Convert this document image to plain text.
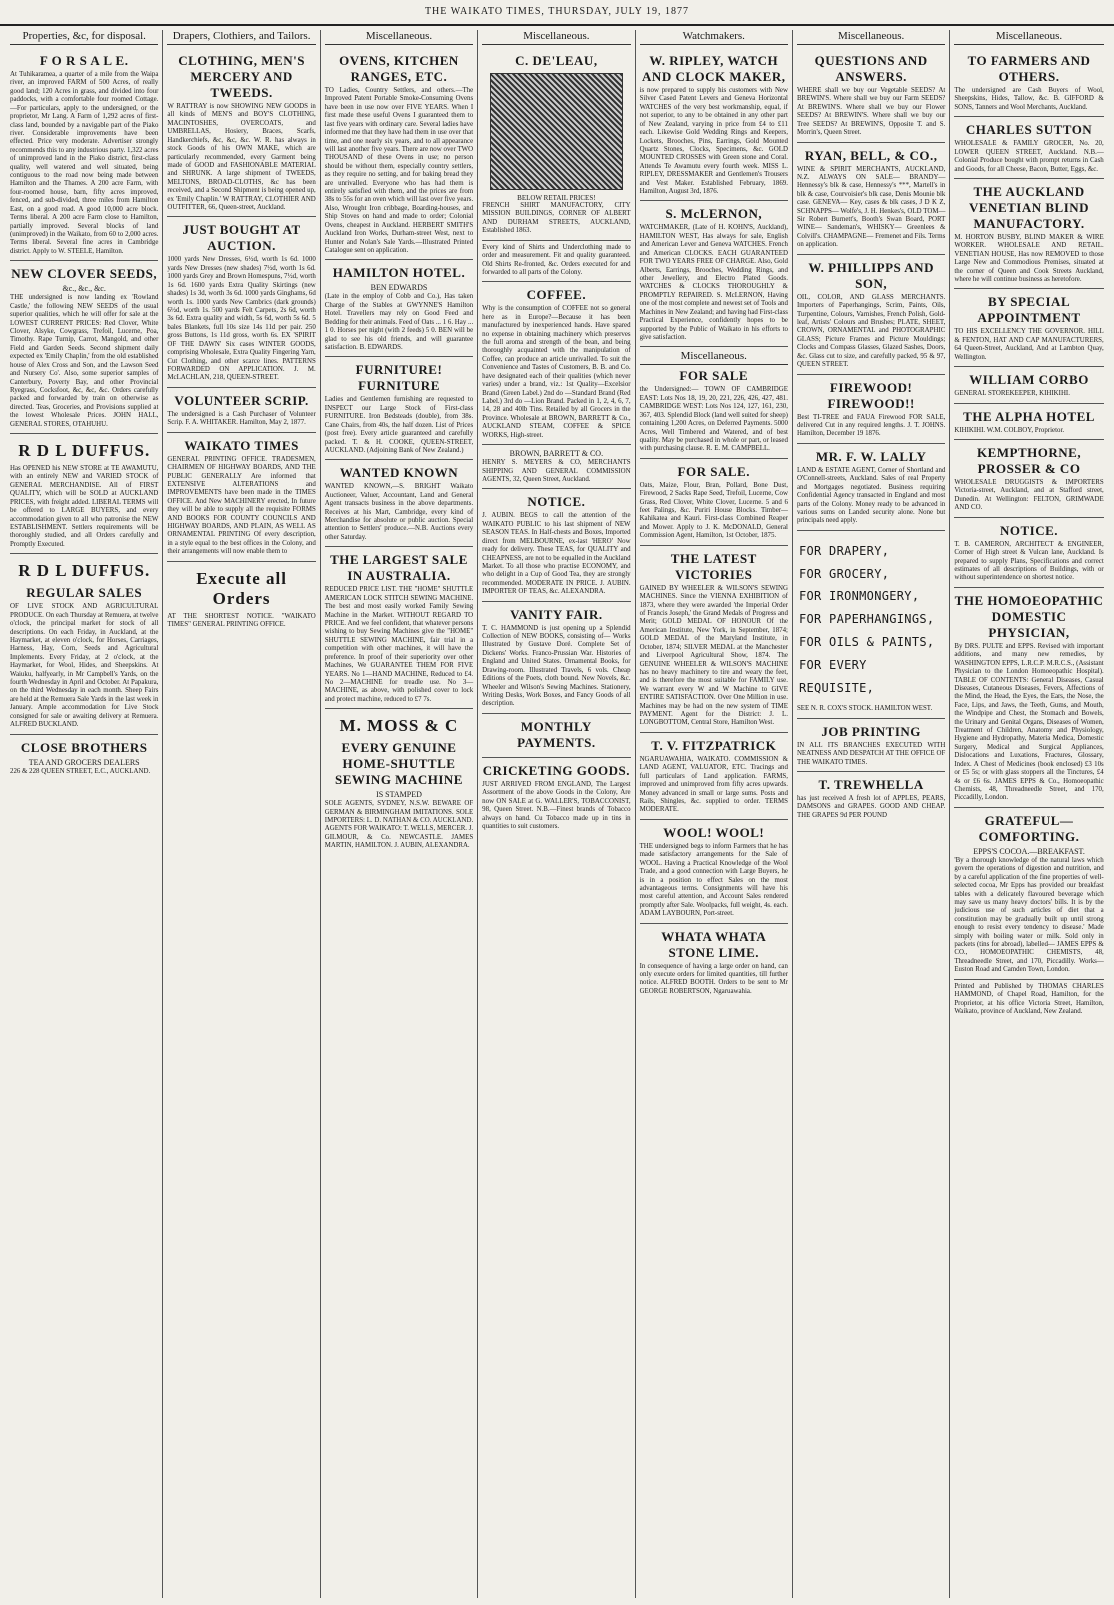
THE WAIKATO TIMES, THURSDAY, JULY 19, 1877
Properties, &c, for disposal.
F O R S A L E.
At Tuhikaramea, a quarter of a mile from the Waipa river, an improved FARM of 500 Acres, of really good land; 120 Acres in grass, and divided into four paddocks, with a comfortable four roomed Cottage.—For particulars, apply to the undersigned, or the proprietor, Mr Lang. A Farm of 1,292 acres of first-class land, bounded by a navigable part of the Piako river. Considerable improvements have been effected. Price very moderate. Advertiser strongly recommends this to any industrious party. 1,322 acres of unimproved land in the Piako district, first-class quality, well watered and well situated, being contiguous to the road now being made between Hamilton and the Thames. A 200 acre Farm, with four-roomed house, barn, fifty acres improved, fenced, and sub-divided, three miles from Hamilton East, on a good road. A good 10,000 acre block. Terms liberal. A 200 acre Farm close to Hamilton, partially improved. Several blocks of land (unimproved) in the Waikato, from 60 to 2,000 acres. Terms liberal. Several fine acres in Cambridge district. Apply to W. STEELE, Hamilton.
NEW CLOVER SEEDS,
&c., &c., &c.
THE undersigned is now landing ex 'Rowland Castle,' the following NEW SEEDS of the usual superior qualities, which he will offer for sale at the LOWEST CURRENT PRICES: Red Clover, White Clover, Alsyke, Cowgrass, Trefoil, Lucerne, Poa, Timothy. Rape Turnip, Carrot, Mangold, and other Field and Garden Seeds. Second shipment daily expected ex 'Emily Chaplin,' from the old established house of Alex Cross and Son, and the Lawson Seed and Nursery Co'. Also, some superior samples of Canterbury, Poverty Bay, and other Provincial Ryegrass, Cocksfoot, &c, &c, &c. Orders carefully packed and forwarded by train on otherwise as directed. Teas, Groceries, and Provisions supplied at the lowest Wholesale Prices. JOHN HALL, GENERAL STORES, OTAHUHU.
R D L DUFFUS.
Has OPENED his NEW STORE at TE AWAMUTU, with an entirely NEW and VARIED STOCK of GENERAL MERCHANDISE. All of FIRST QUALITY, which will be SOLD at AUCKLAND PRICES, with freight added. LIBERAL TERMS will be offered to LARGE BUYERS, and every accommodation given to all who patronise the NEW ESTABLISHMENT. Settlers requirements will be thoroughly studied, and all Orders carefully and Promptly Executed.
R D L DUFFUS.
REGULAR SALES
OF LIVE STOCK AND AGRICULTURAL PRODUCE. On each Thursday at Remuera, at twelve o'clock, the principal market for stock of all descriptions. On each Friday, in Auckland, at the Haymarket, at eleven o'clock, for Horses, Carriages, Harness, Hay, Corn, Seeds and Agricultural Implements. Every Friday, at 2 o'clock, at the Haymarket, for Wool, Hides, and Sheepskins. At Waiuku, halfyearly, in Mr Campbell's Yards, on the fourth Wednesday in April and October. At Papakura, on the third Wednesday in each month. Sheep Fairs are held at the Remuera Sale Yards in the last week in January. Ample accommodation for Live Stock consigned for sale or awaiting delivery at Remuera. ALFRED BUCKLAND.
CLOSE BROTHERS
TEA AND GROCERS DEALERS
226 & 228 QUEEN STREET, E.C., AUCKLAND.
Drapers, Clothiers, and Tailors.
CLOTHING, MEN'S MERCERY AND TWEEDS.
W RATTRAY is now SHOWING NEW GOODS in all kinds of MEN'S and BOY'S CLOTHING, MACINTOSHES, OVERCOATS, and UMBRELLAS, Hosiery, Braces, Scarfs, Handkerchiefs, &c, &c, &c. W. R. has always in stock Goods of his OWN MAKE, which are particularly recommended, every Garment being made of GOOD and FASHIONABLE MATERIAL and SHRUNK. A large shipment of TWEEDS, MELTONS, BROAD-CLOTHS, &c has been received, and a Second Shipment is being opened up, ex 'Emily Chaplin.' W RATTRAY, CLOTHIER AND OUTFITTER, 66, Queen-street, Auckland.
JUST BOUGHT AT AUCTION.
1000 yards New Dresses, 6½d, worth 1s 6d. 1000 yards New Dresses (new shades) 7½d, worth 1s 6d. 1000 yards Grey and Brown Homespuns, 7½d, worth 1s 6d. 1600 yards Extra Quality Skirtings (new shades) 1s 3d, worth 3s 6d. 1000 yards Ginghams, 6d worth 1s. 1000 yards New Cambrics (dark grounds) 6½d, worth 1s. 500 yards Felt Carpets, 2s 6d, worth 3s 6d. Extra quality and width, 5s 6d, worth 5s 6d. 5 bales Blankets, full 10s size 14s 11d per pair. 250 gross Buttons, 1s 11d gross, worth 6s. EX 'SPIRIT OF THE DAWN' Six cases WINTER GOODS, comprising Wholesale, Extra Quality Fingering Yarn, Cut Clothing, and other scarce lines. PATTERNS FORWARDED ON APPLICATION. J. M. McLACHLAN, 218, QUEEN-STREET.
VOLUNTEER SCRIP.
The undersigned is a Cash Purchaser of Volunteer Scrip. F. A. WHITAKER. Hamilton, May 2, 1877.
WAIKATO TIMES
GENERAL PRINTING OFFICE. TRADESMEN, CHAIRMEN OF HIGHWAY BOARDS, AND THE PUBLIC GENERALLY Are informed that EXTENSIVE ALTERATIONS and IMPROVEMENTS have been made in the TIMES OFFICE. And New MACHINERY erected, In future they will be able to supply all the requisite FORMS AND BOOKS FOR COUNTY COUNCILS AND HIGHWAY BOARDS, AND PLAIN, AS WELL AS ORNAMENTAL PRINTING Of every description, in a style equal to the best offices in the Colony, and their arrangements will now enable them to
Execute all Orders
AT THE SHORTEST NOTICE. "WAIKATO TIMES" GENERAL PRINTING OFFICE.
Miscellaneous.
OVENS, KITCHEN RANGES, ETC.
TO Ladies, Country Settlers, and others.—The Improved Patent Portable Smoke-Consuming Ovens have been in use now over FIVE YEARS. When I first made these useful Ovens I guaranteed them to last five years with ordinary care. Several ladies have informed me that they have had them in use over that time, and one nearly six years, and to all appearance will last another five years. There are now over TWO THOUSAND of these Ovens in use; no person should be without them, especially country settlers, as they require no setting, and for baking bread they are unrivalled. Everyone who has had them is entirely satisfied with them, and the prices are from 38s to 55s for an oven which will last over five years. Also, Wrought Iron cribbage, Boarding-houses, and Ship Stoves on hand and made to order; Colonial Ovens, cheapest in Auckland. HERBERT SMITH'S Auckland Iron Works, Durham-street West, next to Hunter and Nolan's Sale Yards.—Illustrated Printed Catalogue sent on application.
HAMILTON HOTEL.
BEN EDWARDS
(Late in the employ of Cobb and Co.), Has taken Charge of the Stables at GWYNNE'S Hamilton Hotel. Travellers may rely on Good Feed and Bedding for their animals. Feed of Oats ... 1 6. Hay ... 1 0. Horses per night (with 2 feeds) 5 0. BEN will be glad to see his old friends, and will guarantee satisfaction. B. EDWARDS.
FURNITURE! FURNITURE
Ladies and Gentlemen furnishing are requested to INSPECT our Large Stock of First-class FURNITURE. Iron Bedsteads (double), from 38s. Cane Chairs, from 40s, the half dozen. List of Prices (post free). Every article guaranteed and carefully packed. T. & H. COOKE, QUEEN-STREET, AUCKLAND. (Adjoining Bank of New Zealand.)
WANTED KNOWN
WANTED KNOWN,—S. BRIGHT Waikato Auctioneer, Valuer, Accountant, Land and General Agent transacts business in the above departments. Receives at his Mart, Cambridge, every kind of Merchandise for absolute or public auction. Special attention to Settlers' produce.—N.B. Auctions every other Saturday.
THE LARGEST SALE IN AUSTRALIA.
REDUCED PRICE LIST. THE "HOME" SHUTTLE AMERICAN LOCK STITCH SEWING MACHINE. The best and most easily worked Family Sewing Machine in the Market. WITHOUT REGARD TO PRICE. And we feel confident, that whatever persons wishing to buy Sewing Machines give the "HOME" SHUTTLE SEWING MACHINE, fair trial in a competition with other machines, it will have the preference. In proof of their superiority over other Machines, We GUARANTEE THEM FOR FIVE YEARS. No 1—HAND MACHINE, Reduced to £4. No 2—MACHINE for treadle use. No 3—MACHINE, as above, with polished cover to lock and protect machine, reduced to £7 7s.
M. MOSS & C
EVERY GENUINE HOME-SHUTTLE SEWING MACHINE
IS STAMPED
SOLE AGENTS, SYDNEY, N.S.W. BEWARE OF GERMAN & BIRMINGHAM IMITATIONS. SOLE IMPORTERS: L. D. NATHAN & CO. AUCKLAND. AGENTS FOR WAIKATO: T. WELLS, MERCER. J. GILMOUR, & Co. NEWCASTLE. JAMES MARTIN, HAMILTON. J. AUBIN, ALEXANDRA.
Miscellaneous.
C. DE'LEAU,
BELOW RETAIL PRICES!
FRENCH SHIRT MANUFACTORY, CITY MISSION BUILDINGS, CORNER OF ALBERT AND DURHAM STREETS, AUCKLAND, Established 1863.
Every kind of Shirts and Underclothing made to order and measurement. Fit and quality guaranteed. Old Shirts Re-fronted, &c. Orders executed for and forwarded to all parts of the Colony.
COFFEE.
Why is the consumption of COFFEE not so general here as in Europe?—Because it has been manufactured by inexperienced hands. Have spared no expense in obtaining machinery which preserves the full aroma and strength of the bean, and being thoroughly acquainted with the manipulation of Coffee, can produce an article unrivalled. To suit the Convenience and Tastes of Customers, B. B. and Co. have designated each of their qualities (which never varies) under a brand, viz.: 1st Quality—Excelsior Brand (Green Label.) 2nd do —Standard Brand (Red Label.) 3rd do —Lion Brand. Packed in 1, 2, 4, 6, 7, 14, 28 and 40lb Tins. Retailed by all Grocers in the Province. Wholesale at BROWN, BARRETT & Co., AUCKLAND STEAM, COFFEE & SPICE WORKS, High-street.
BROWN, BARRETT & CO.
HENRY S. MEYERS & CO, MERCHANTS SHIPPING AND GENERAL COMMISSION AGENTS, 32, Queen Street, Auckland.
NOTICE.
J. AUBIN. BEGS to call the attention of the WAIKATO PUBLIC to his last shipment of NEW SEASON TEAS. In Half-chests and Boxes, Imported direct from MELBOURNE, ex-last 'HERO' Now ready for delivery. These TEAS, for QUALITY and CHEAPNESS, are not to be equalled in the Auckland Market. To all those who practise ECONOMY, and who delight in a Cup of Good Tea, they are strongly recommended. MODERATE IN PRICE. J. AUBIN. IMPORTER OF TEAS, &c. ALEXANDRA.
VANITY FAIR.
T. C. HAMMOND is just opening up a Splendid Collection of NEW BOOKS, consisting of— Works Illustrated by Gustave Doré. Complete Set of Dickens' Works. Franco-Prussian War. Histories of England and United States. Ornamental Books, for Drawing-room. Illustrated Travels, 6 vols. Cheap Editions of the Poets, cloth bound. New Novels, &c. Wheeler and Wilson's Sewing Machines. Stationery, Writing Desks, Work Boxes, and Fancy Goods of all description.
MONTHLY PAYMENTS.
CRICKETING GOODS.
JUST ARRIVED FROM ENGLAND, The Largest Assortment of the above Goods in the Colony, Are now ON SALE at G. WALLER'S, TOBACCONIST, 98, Queen Street. N.B.—Finest brands of Tobacco always on hand. Cu Tobacco made up in tins in quantities to suit customers.
Watchmakers.
W. RIPLEY, WATCH AND CLOCK MAKER,
is now prepared to supply his customers with New Silver Cased Patent Levers and Geneva Horizontal WATCHES of the very best workmanship, equal, if not superior, to any to be obtained in any other part of New Zealand, varying in price from £4 to £11 each. Likewise Gold Wedding Rings and Keepers, Lockets, Brooches, Pins, Earrings, Gold Mounted Quartz Stones, Clocks, Specimens, &c. GOLD MOUNTED CROSSES with Green stone and Coral. Attends Te Awamutu every fourth week. MISS L. RIPLEY, DRESSMAKER and Gentlemen's Trousers and Vest Maker. Established February, 1869. Hamilton, August 3rd, 1876.
S. McLERNON,
WATCHMAKER, (Late of H. KOHN'S, Auckland), HAMILTON WEST, Has always for sale, English and American Lever and Geneva WATCHES. French and American CLOCKS. EACH GUARANTEED FOR TWO YEARS FREE OF CHARGE. Also, Gold Alberts, Earrings, Brooches, Wedding Rings, and other Jewellery, and Electro Plated Goods. WATCHES & CLOCKS THOROUGHLY & PROMPTLY REPAIRED. S. McLERNON, Having one of the most complete and newest set of Tools and Machines in New Zealand; and having had First-class Practical Experience, confidently hopes to be supported by the Public of Waikato in his efforts to give satisfaction.
Miscellaneous.
FOR SALE
the Undersigned:— TOWN OF CAMBRIDGE EAST: Lots Nos 18, 19, 20, 221, 226, 426, 427, 481. CAMBRIDGE WEST: Lots Nos 124, 127, 161, 230, 367, 403. Splendid Block (land well suited for sheep) containing 1,200 Acres, on Deferred Payments. 5000 Acres, Well Timbered and Watered, and of best quality. May be purchased in whole or part, or leased with purchasing clause. R. E. M. CAMPBELL.
FOR SALE.
Oats, Maize, Flour, Bran, Pollard, Bone Dust, Firewood, 2 Sacks Rape Seed, Trefoil, Lucerne, Cow Grass, Red Clover, White Clover, Lucerne. 5 and 6 feet Palings, &c. Puriri House Blocks. Timber—Kahikatea and Kauri. First-class Combined Reaper and Mower. Apply to J. K. McDONALD, General Commission Agent, Hamilton, 1st October, 1875.
THE LATEST VICTORIES
GAINED BY WHEELER & WILSON'S SEWING MACHINES. Since the VIENNA EXHIBITION of 1873, where they were awarded 'the Imperial Order of Francis Joseph,' the Grand Medals of Progress and Merit; GOLD MEDAL OF HONOUR Of the American Institute, New York, in September, 1874; GOLD MEDAL of the Maryland Institute, in October, 1874; SILVER MEDAL at the Manchester and Liverpool Agricultural Show, 1874. The GENUINE WHEELER & WILSON'S MACHINE has no heavy machinery to tire and weary the feet, and is therefore the most suitable for FAMILY use. We warrant every W and W Machine to GIVE ENTIRE SATISFACTION. Over One Million in use. Machines may be had on the new system of TIME PAYMENT. Agent for the District: J. L. LONGBOTTOM, Central Store, Hamilton West.
T. V. FITZPATRICK
NGARUAWAHIA, WAIKATO. COMMISSION & LAND AGENT, VALUATOR, ETC. Tracings and full particulars of Land application. FARMS, improved and unimproved from fifty acres upwards. Money advanced in small or large sums. Posts and Rails, Shingles, &c. supplied to order. TERMS MODERATE.
WOOL! WOOL!
THE undersigned begs to inform Farmers that he has made satisfactory arrangements for the Sale of WOOL. Having a Practical Knowledge of the Wool Trade, and a good connection with Large Buyers, he is in a position to effect Sales on the most advantageous terms. Consignments will have his most careful attention, and Account Sales rendered promptly after Sale. Woolpacks, full weight, 4s. each. ADAM LAYBOURN, Port-street.
WHATA WHATA STONE LIME.
In consequence of having a large order on hand, can only execute orders for limited quantities, till further notice. ALFRED BOOTH. Orders to be sent to Mr GEORGE ROBERTSON, Ngaruawahia.
Miscellaneous.
QUESTIONS AND ANSWERS.
WHERE shall we buy our Vegetable SEEDS? At BREWIN'S. Where shall we buy our Farm SEEDS? At BREWIN'S. Where shall we buy our Flower SEEDS? At BREWIN'S. Where shall we buy our Tree SEEDS? At BREWIN'S, Opposite T. and S. Morrin's, Queen Street.
RYAN, BELL, & CO.,
WINE & SPIRIT MERCHANTS, AUCKLAND, N.Z. ALWAYS ON SALE— BRANDY— Hennessy's blk & case, Hennessy's ***, Martell's in blk & case, Courvoisier's blk case, Denis Mounie blk case. GENEVA— Key, cases & blk cases, J D K Z, SCHNAPPS— Wolfe's, J. H. Henkes's, OLD TOM— Sir Robert Burnett's, Booth's Swan Board, PORT WINE— Sandeman's, WHISKY— Greenlees & Colvill's. CHAMPAGNE— Fremenet and Fils. Terms on application.
W. PHILLIPPS AND SON,
OIL, COLOR, AND GLASS MERCHANTS. Importers of Paperhangings, Scrim, Paints, Oils, Turpentine, Colours, Varnishes, French Polish, Gold-leaf, Artists' Colours and Brushes; PLATE, SHEET, CROWN, ORNAMENTAL and PHOTOGRAPHIC GLASS; Picture Frames and Picture Mouldings; Clocks and Compass Glasses, Glazed Sashes, Doors, &c. Glass cut to size, and carefully packed, 95 & 97, QUEEN STREET.
FIREWOOD! FIREWOOD!!
Best TI-TREE and FAUA Firewood FOR SALE, delivered Cut in any required lengths. J. T. JOHNS. Hamilton, December 19 1876.
MR. F. W. LALLY
LAND & ESTATE AGENT, Corner of Shortland and O'Connell-streets, Auckland. Sales of real Property and Mortgages negotiated. Business requiring Confidential Agency transacted in England and most parts of the Colony. Money ready to be advanced in various sums on Landed security alone. None but principals need apply.
FOR DRAPERY,
FOR GROCERY,
FOR IRONMONGERY,
FOR PAPERHANGINGS,
FOR OILS & PAINTS,
FOR EVERY REQUISITE,
SEE N. R. COX'S STOCK. HAMILTON WEST.
JOB PRINTING
IN ALL ITS BRANCHES EXECUTED WITH NEATNESS AND DESPATCH AT THE OFFICE OF THE WAIKATO TIMES.
T. TREWHELLA
has just received A fresh lot of APPLES, PEARS, DAMSONS and GRAPES. GOOD AND CHEAP. THE GRAPES 9d PER POUND
Miscellaneous.
TO FARMERS AND OTHERS.
The undersigned are Cash Buyers of Wool, Sheepskins, Hides, Tallow, &c. B. GIFFORD & SONS, Tanners and Wool Merchants, Auckland.
CHARLES SUTTON
WHOLESALE & FAMILY GROCER, No. 20, LOWER QUEEN STREET, Auckland. N.B.—Colonial Produce bought with prompt returns in Cash and Goods, for all Cheese, Bacon, Butter, Eggs, &c.
THE AUCKLAND VENETIAN BLIND MANUFACTORY.
M. HORTON BUSBY, BLIND MAKER & WIRE WORKER. WHOLESALE AND RETAIL. VENETIAN HOUSE, Has now REMOVED to those Large New and Commodious Premises, situated at the corner of Queen and Cook Streets Auckland, where he will continue business as heretofore.
BY SPECIAL APPOINTMENT
TO HIS EXCELLENCY THE GOVERNOR. HILL & FENTON, HAT AND CAP MANUFACTURERS, 64 Queen-Street, Auckland, And at Lambton Quay, Wellington.
WILLIAM CORBO
GENERAL STOREKEEPER, KIHIKIHI.
THE ALPHA HOTEL
KIHIKIHI. W.M. COLBOY, Proprietor.
KEMPTHORNE, PROSSER & CO
WHOLESALE DRUGGISTS & IMPORTERS Victoria-street, Auckland, and at Stafford street, Dunedin. At Wellington: FELTON, GRIMWADE AND CO.
NOTICE.
T. B. CAMERON, ARCHITECT & ENGINEER, Corner of High street & Vulcan lane, Auckland. Is prepared to supply Plans, Specifications and correct estimates of all descriptions of Buildings, with or without superintendence on shortest notice.
THE HOMOEOPATHIC DOMESTIC PHYSICIAN,
By DRS. PULTE and EPPS. Revised with important additions, and many new remedies, by WASHINGTON EPPS, L.R.C.P. M.R.C.S., (Assistant Physician to the London Homoeopathic Hospital). TABLE OF CONTENTS: General Diseases, Casual Diseases, Cutaneous Diseases, Fevers, Affections of the Mind, the Head, the Eyes, the Ears, the Nose, the Face, Lips, and Jaws, the Teeth, Gums, and Mouth, the Windpipe and Chest, the Stomach and Bowels, the Urinary and Genital Organs, Diseases of Women, Treatment of Children, Anatomy and Physiology, Hygiene and Hydropathy, Materia Medica, Domestic Surgery, Medical and Surgical Appliances, Dislocations and Luxations, Fractures, Glossary, Index. A Chest of Medicines (book enclosed) £3 10s or £5 5s; or with glass stoppers all the Tinctures, £4 4s or £6 6s. JAMES EPPS & Co., Homoeopathic Chemists, 48, Threadneedle Street, and 170, Piccadilly, London.
GRATEFUL—COMFORTING.
EPPS'S COCOA.—BREAKFAST.
'By a thorough knowledge of the natural laws which govern the operations of digestion and nutrition, and by a careful application of the fine properties of well-selected cocoa, Mr Epps has provided our breakfast tables with a delicately flavoured beverage which may save us many heavy doctors' bills. It is by the judicious use of such articles of diet that a constitution may be gradually built up until strong enough to resist every tendency to disease.' Made simply with boiling water or milk. Sold only in packets (tins for abroad), labelled— JAMES EPPS & CO., HOMOEOPATHIC CHEMISTS, 48, Threadneedle Street, and 170, Piccadilly. Works—Euston Road and Camden Town, London.
Printed and Published by THOMAS CHARLES HAMMOND, of Chapel Road, Hamilton, for the Proprietor, at his office Victoria Street, Hamilton, Waikato, province of Auckland, New Zealand.
